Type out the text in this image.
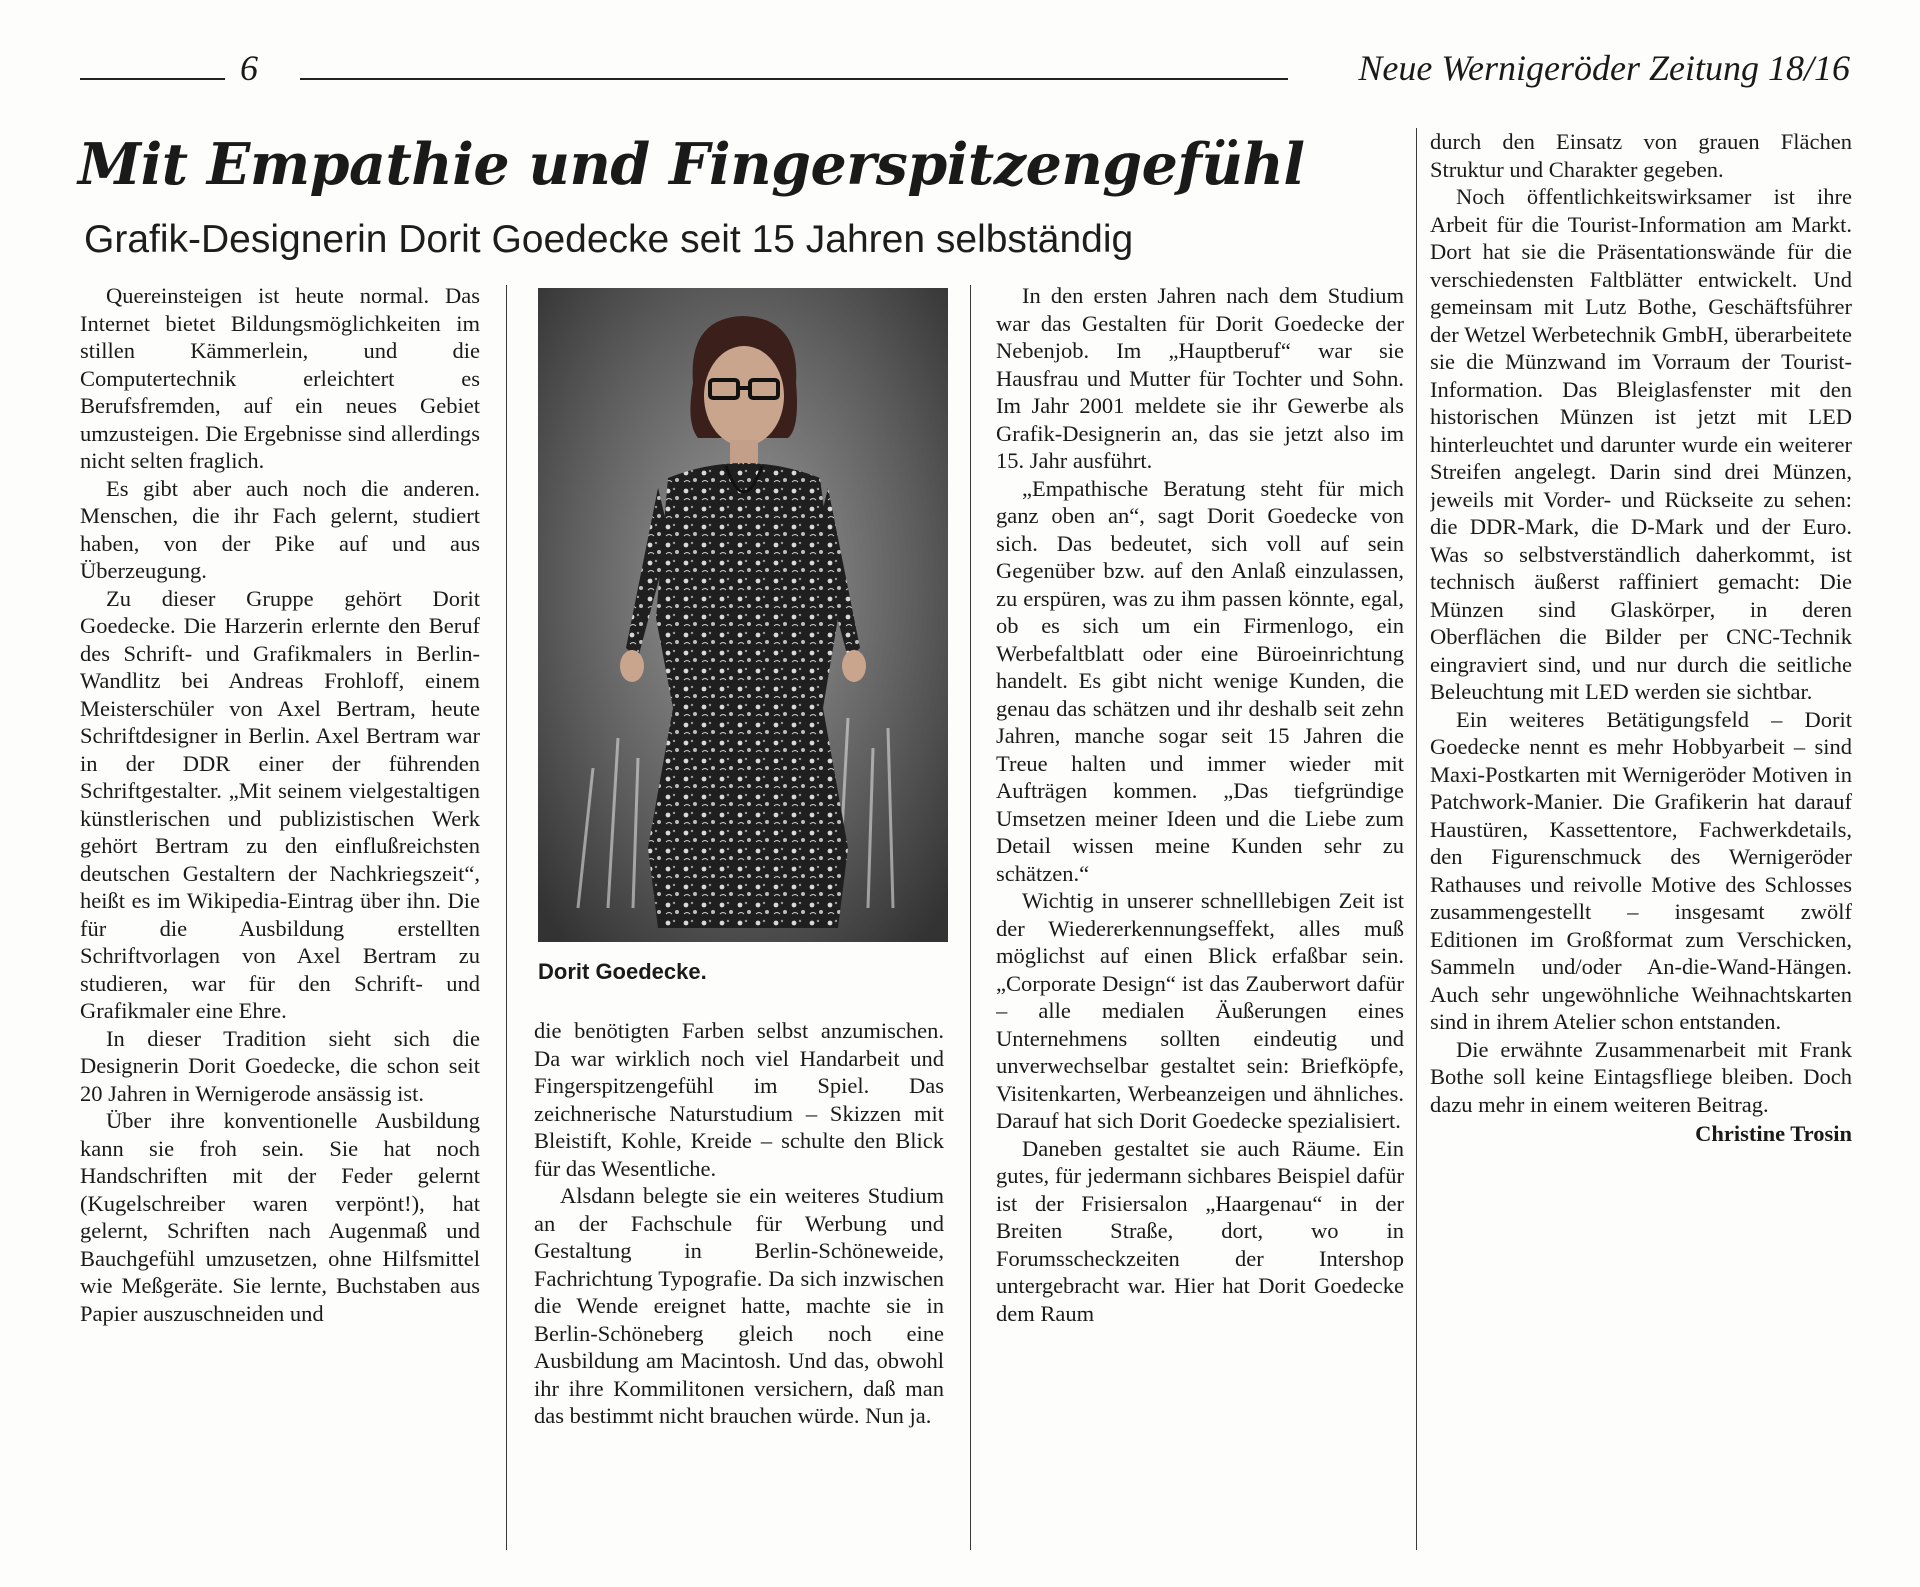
6	Neue Wernigeröder Zeitung 18/16
Mit Empathie und Fingerspitzengefühl
Grafik-Designerin Dorit Goedecke seit 15 Jahren selbständig

Quereinsteigen ist heute normal. Das Internet bietet Bildungsmöglichkeiten im stillen Kämmerlein, und die Computertechnik erleichtert es Berufsfremden, auf ein neues Gebiet umzusteigen. Die Ergebnisse sind allerdings nicht selten fraglich.

Es gibt aber auch noch die anderen. Menschen, die ihr Fach gelernt, studiert haben, von der Pike auf und aus Überzeugung.

Zu dieser Gruppe gehört Dorit Goedecke. Die Harzerin erlernte den Beruf des Schrift- und Grafikmalers in Berlin-Wandlitz bei Andreas Frohloff, einem Meisterschüler von Axel Bertram, heute Schriftdesigner in Berlin. Axel Bertram war in der DDR einer der führenden Schriftgestalter. „Mit seinem vielgestaltigen künstlerischen und publizistischen Werk gehört Bertram zu den einflußreichsten deutschen Gestaltern der Nachkriegszeit“, heißt es im Wikipedia-Eintrag über ihn. Die für die Ausbildung erstellten Schriftvorlagen von Axel Bertram zu studieren, war für den Schrift- und Grafikmaler eine Ehre.

In dieser Tradition sieht sich die Designerin Dorit Goedecke, die schon seit 20 Jahren in Wernigerode ansässig ist.

Über ihre konventionelle Ausbildung kann sie froh sein. Sie hat noch Handschriften mit der Feder gelernt (Kugelschreiber waren verpönt!), hat gelernt, Schriften nach Augenmaß und Bauchgefühl umzusetzen, ohne Hilfsmittel wie Meßgeräte. Sie lernte, Buchstaben aus Papier auszuschneiden und

Dorit Goedecke.

die benötigten Farben selbst anzumischen. Da war wirklich noch viel Handarbeit und Fingerspitzengefühl im Spiel. Das zeichnerische Naturstudium – Skizzen mit Bleistift, Kohle, Kreide – schulte den Blick für das Wesentliche.

Alsdann belegte sie ein weiteres Studium an der Fachschule für Werbung und Gestaltung in Berlin-Schöneweide, Fachrichtung Typografie. Da sich inzwischen die Wende ereignet hatte, machte sie in Berlin-Schöneberg gleich noch eine Ausbildung am Macintosh. Und das, obwohl ihr ihre Kommilitonen versichern, daß man das bestimmt nicht brauchen würde. Nun ja.

In den ersten Jahren nach dem Studium war das Gestalten für Dorit Goedecke der Nebenjob. Im „Hauptberuf“ war sie Hausfrau und Mutter für Tochter und Sohn. Im Jahr 2001 meldete sie ihr Gewerbe als Grafik-Designerin an, das sie jetzt also im 15. Jahr ausführt.

„Empathische Beratung steht für mich ganz oben an“, sagt Dorit Goedecke von sich. Das bedeutet, sich voll auf sein Gegenüber bzw. auf den Anlaß einzulassen, zu erspüren, was zu ihm passen könnte, egal, ob es sich um ein Firmenlogo, ein Werbefaltblatt oder eine Büroeinrichtung handelt. Es gibt nicht wenige Kunden, die genau das schätzen und ihr deshalb seit zehn Jahren, manche sogar seit 15 Jahren die Treue halten und immer wieder mit Aufträgen kommen. „Das tiefgründige Umsetzen meiner Ideen und die Liebe zum Detail wissen meine Kunden sehr zu schätzen.“

Wichtig in unserer schnelllebigen Zeit ist der Wiedererkennungseffekt, alles muß möglichst auf einen Blick erfaßbar sein. „Corporate Design“ ist das Zauberwort dafür – alle medialen Äußerungen eines Unternehmens sollten eindeutig und unverwechselbar gestaltet sein: Briefköpfe, Visitenkarten, Werbeanzeigen und ähnliches. Darauf hat sich Dorit Goedecke spezialisiert.

Daneben gestaltet sie auch Räume. Ein gutes, für jedermann sichbares Beispiel dafür ist der Frisiersalon „Haargenau“ in der Breiten Straße, dort, wo in Forumsscheckzeiten der Intershop untergebracht war. Hier hat Dorit Goedecke dem Raum

durch den Einsatz von grauen Flächen Struktur und Charakter gegeben.

Noch öffentlichkeitswirksamer ist ihre Arbeit für die Tourist-Information am Markt. Dort hat sie die Präsentationswände für die verschiedensten Faltblätter entwickelt. Und gemeinsam mit Lutz Bothe, Geschäftsführer der Wetzel Werbetechnik GmbH, überarbeitete sie die Münzwand im Vorraum der Tourist-Information. Das Bleiglasfenster mit den historischen Münzen ist jetzt mit LED hinterleuchtet und darunter wurde ein weiterer Streifen angelegt. Darin sind drei Münzen, jeweils mit Vorder- und Rückseite zu sehen: die DDR-Mark, die D-Mark und der Euro. Was so selbstverständlich daherkommt, ist technisch äußerst raffiniert gemacht: Die Münzen sind Glaskörper, in deren Oberflächen die Bilder per CNC-Technik eingraviert sind, und nur durch die seitliche Beleuchtung mit LED werden sie sichtbar.

Ein weiteres Betätigungsfeld – Dorit Goedecke nennt es mehr Hobbyarbeit – sind Maxi-Postkarten mit Wernigeröder Motiven in Patchwork-Manier. Die Grafikerin hat darauf Haustüren, Kassettentore, Fachwerkdetails, den Figurenschmuck des Wernigeröder Rathauses und reivolle Motive des Schlosses zusammengestellt – insgesamt zwölf Editionen im Großformat zum Verschicken, Sammeln und/oder An-die-Wand-Hängen. Auch sehr ungewöhnliche Weihnachtskarten sind in ihrem Atelier schon entstanden.

Die erwähnte Zusammenarbeit mit Frank Bothe soll keine Eintagsfliege bleiben. Doch dazu mehr in einem weiteren Beitrag.

Christine Trosin
